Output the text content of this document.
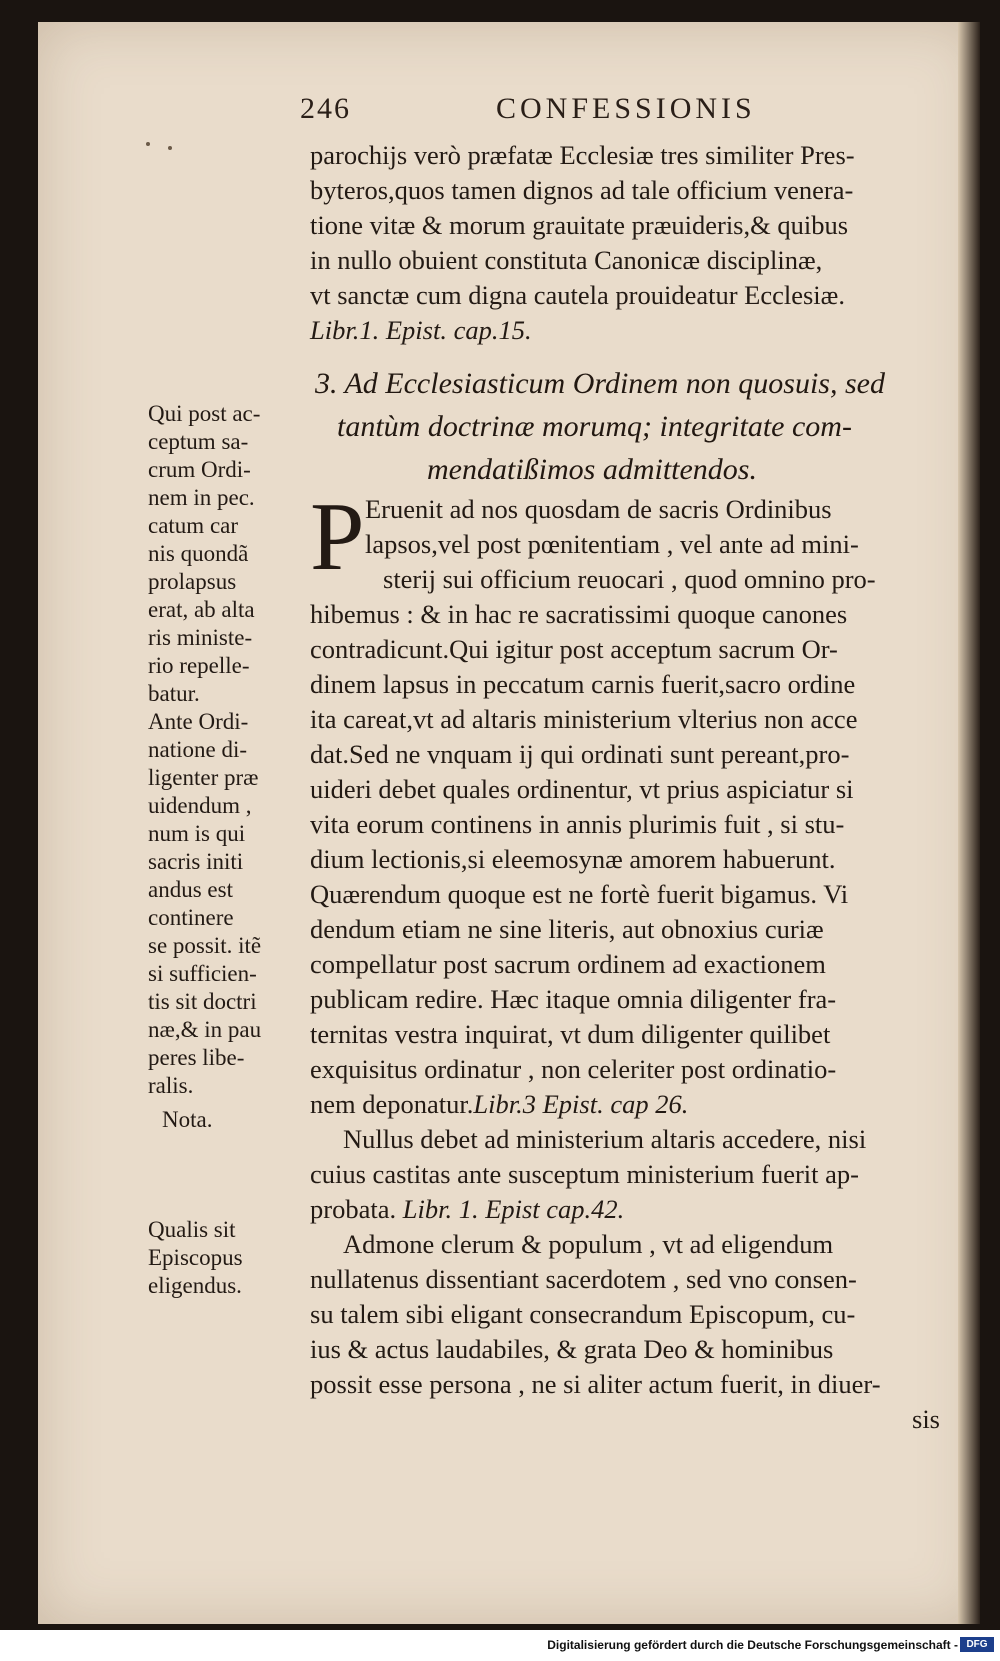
246	CONFESSIONIS
parochijs verò præfatæ Ecclesiæ tres similiter Pres-
byteros,quos tamen dignos ad tale officium venera-
tione vitæ & morum grauitate præuideris,& quibus
in nullo obuient constituta Canonicæ disciplinæ,
vt sanctæ cum digna cautela prouideatur Ecclesiæ.
Libr.1. Epist. cap.15.
3. Ad Ecclesiasticum Ordinem non quosuis, sed
tantùm doctrinæ morumq; integritate com-
mendatißimos admittendos.
P Eruenit ad nos quosdam de sacris Ordinibus
lapsos,vel post pœnitentiam , vel ante ad mini-
sterij sui officium reuocari , quod omnino pro-
hibemus : & in hac re sacratissimi quoque canones
contradicunt.Qui igitur post acceptum sacrum Or-
dinem lapsus in peccatum carnis fuerit,sacro ordine
ita careat,vt ad altaris ministerium vlterius non acce
dat.Sed ne vnquam ij qui ordinati sunt pereant,pro-
uideri debet quales ordinentur, vt prius aspiciatur si
vita eorum continens in annis plurimis fuit , si stu-
dium lectionis,si eleemosynæ amorem habuerunt.
Quærendum quoque est ne fortè fuerit bigamus. Vi
dendum etiam ne sine literis, aut obnoxius curiæ
compellatur post sacrum ordinem ad exactionem
publicam redire. Hæc itaque omnia diligenter fra-
ternitas vestra inquirat, vt dum diligenter quilibet
exquisitus ordinatur , non celeriter post ordinatio-
nem deponatur.Libr.3 Epist. cap 26.
Nullus debet ad ministerium altaris accedere, nisi
cuius castitas ante susceptum ministerium fuerit ap-
probata. Libr. 1. Epist cap.42.
Admone clerum & populum , vt ad eligendum
nullatenus dissentiant sacerdotem , sed vno consen-
su talem sibi eligant consecrandum Episcopum, cu-
ius & actus laudabiles, & grata Deo & hominibus
possit esse persona , ne si aliter actum fuerit, in diuer-
sis
Qui post ac-
ceptum sa-
crum Ordi-
nem in pec.
catum car
nis quondã
prolapsus
erat, ab alta
ris ministe-
rio repelle-
batur.
Ante Ordi-
natione di-
ligenter præ
uidendum ,
num is qui
sacris initi
andus est
continere
se possit. itẽ
si sufficien-
tis sit doctri
næ,& in pau
peres libe-
ralis.
Nota.
Qualis sit
Episcopus
eligendus.
Digitalisierung gefördert durch die Deutsche Forschungsgemeinschaft - DFG
